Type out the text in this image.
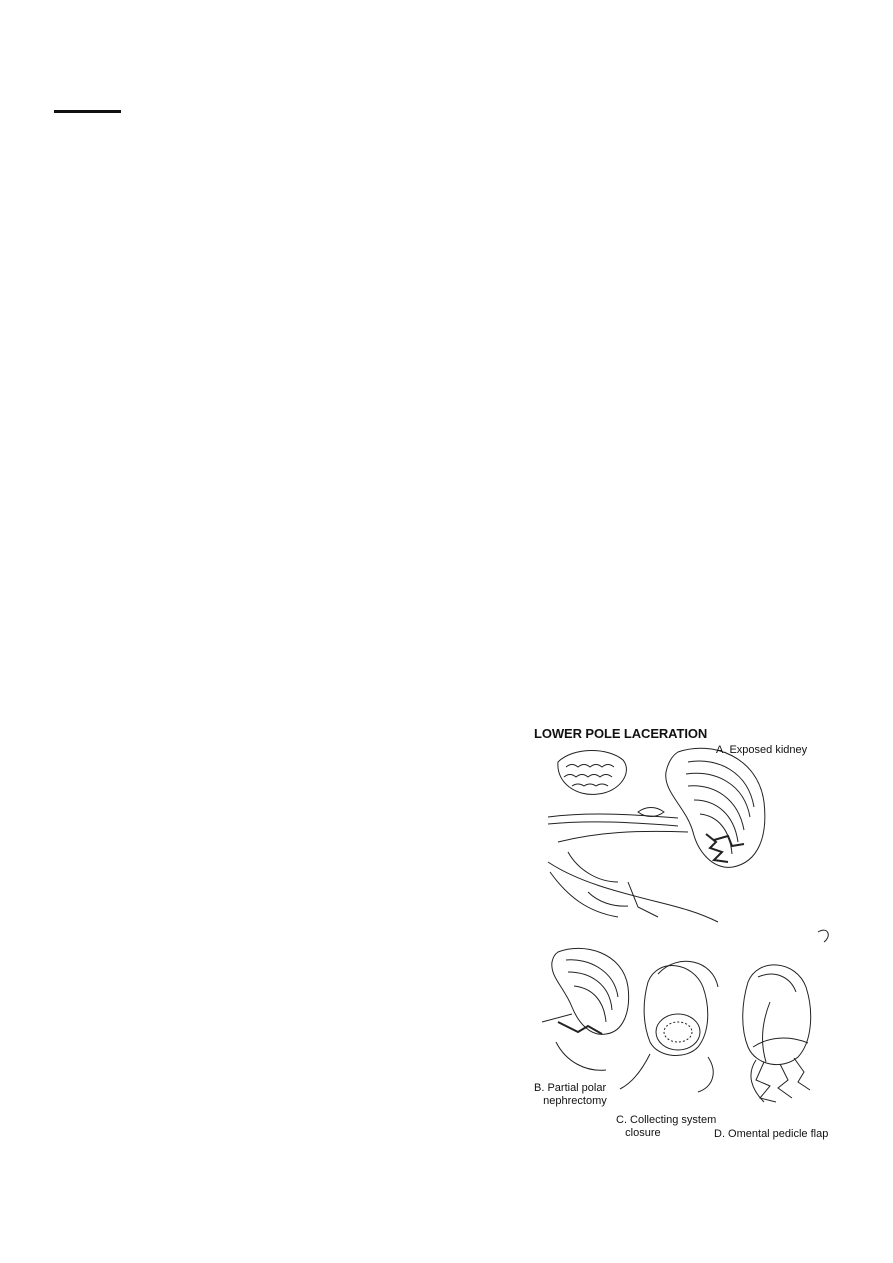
LOWER POLE LACERATION
A. Exposed kidney
B. Partial polar
nephrectomy
C. Collecting system
closure	D. Omental pedicle flap
